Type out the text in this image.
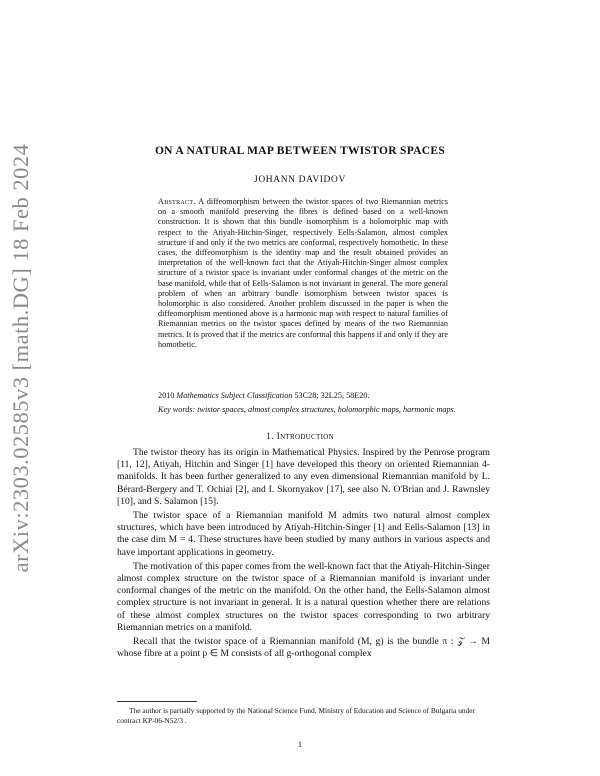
arXiv:2303.02585v3 [math.DG] 18 Feb 2024	ON A NATURAL MAP BETWEEN TWISTOR SPACES
JOHANN DAVIDOV
Abstract. A diffeomorphism between the twistor spaces of two Riemannian metrics on a smooth manifold preserving the fibres is defined based on a well-known construction. It is shown that this bundle isomorphism is a holomorphic map with respect to the Atiyah-Hitchin-Singer, respectively Eells-Salamon, almost complex structure if and only if the two metrics are conformal, respectively homothetic. In these cases, the diffeomorphism is the identity map and the result obtained provides an interpretation of the well-known fact that the Atiyah-Hitchin-Singer almost complex structure of a twistor space is invariant under conformal changes of the metric on the base manifold, while that of Eells-Salamon is not invariant in general. The more general problem of when an arbitrary bundle isomorphism between twistor spaces is holomorphic is also considered. Another problem discussed in the paper is when the diffeomorphism mentioned above is a harmonic map with respect to natural families of Riemannian metrics on the twistor spaces defined by means of the two Riemannian metrics. It is proved that if the metrics are conformal this happens if and only if they are homothetic.
2010 Mathematics Subject Classification 53C28; 32L25, 58E20.
Key words: twistor spaces, almost complex structures, holomorphic maps, harmonic maps.
1. Introduction

The twistor theory has its origin in Mathematical Physics. Inspired by the Penrose program [11, 12], Atiyah, Hitchin and Singer [1] have developed this theory on oriented Riemannian 4-manifolds. It has been further generalized to any even dimensional Riemannian manifold by L. Bérard-Bergery and T. Ochiai [2], and I. Skornyakov [17], see also N. O'Brian and J. Rawnsley [10], and S. Salamon [15].

The twistor space of a Riemannian manifold M admits two natural almost complex structures, which have been introduced by Atiyah-Hitchin-Singer [1] and Eells-Salamon [13] in the case dim M = 4. These structures have been studied by many authors in various aspects and have important applications in geometry.

The motivation of this paper comes from the well-known fact that the Atiyah-Hitchin-Singer almost complex structure on the twistor space of a Riemannian manifold is invariant under conformal changes of the metric on the manifold. On the other hand, the Eells-Salamon almost complex structure is not invariant in general. It is a natural question whether there are relations of these almost complex structures on the twistor spaces corresponding to two arbitrary Riemannian metrics on a manifold.

Recall that the twistor space of a Riemannian manifold (M, g) is the bundle π : 𝒵 → M whose fibre at a point p ∈ M consists of all g-orthogonal complex

The author is partially supported by the National Science Fund, Ministry of Education and Science of Bulgaria under contract KP-06-N52/3 .
1
